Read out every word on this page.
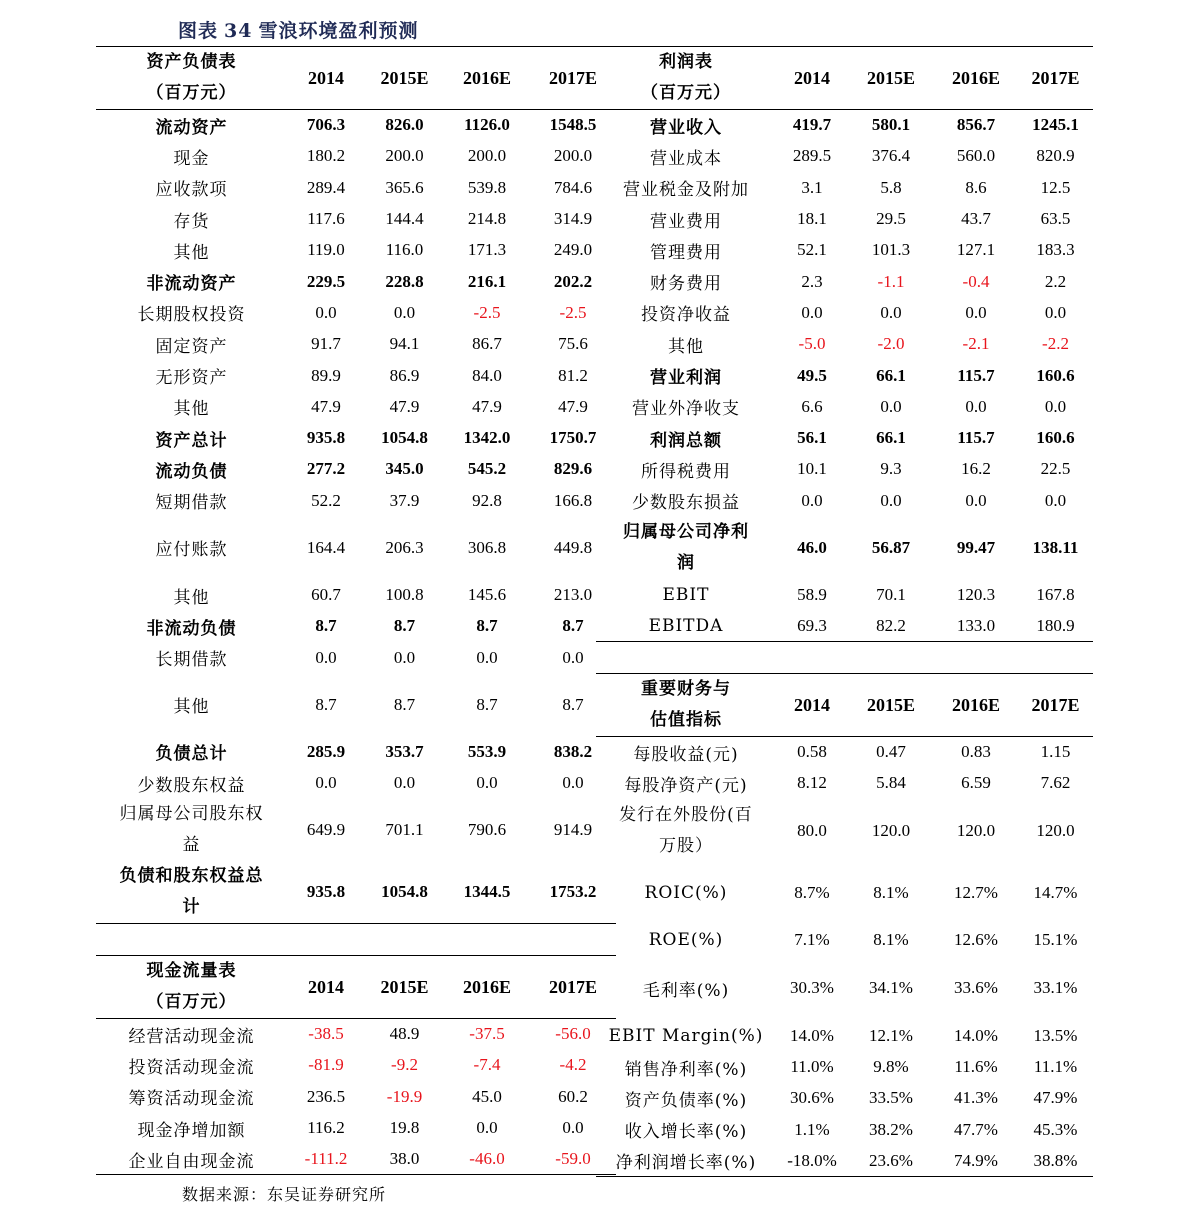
图表 34 雪浪环境盈利预测
资产负债表
（百万元）	2014	2015E	2016E	2017E
流动资产	706.3	826.0	1126.0	1548.5
现金	180.2	200.0	200.0	200.0
应收款项	289.4	365.6	539.8	784.6
存货	117.6	144.4	214.8	314.9
其他	119.0	116.0	171.3	249.0
非流动资产	229.5	228.8	216.1	202.2
长期股权投资	0.0	0.0	-2.5	-2.5
固定资产	91.7	94.1	86.7	75.6
无形资产	89.9	86.9	84.0	81.2
其他	47.9	47.9	47.9	47.9
资产总计	935.8	1054.8	1342.0	1750.7
流动负债	277.2	345.0	545.2	829.6
短期借款	52.2	37.9	92.8	166.8
应付账款	164.4	206.3	306.8	449.8
其他	60.7	100.8	145.6	213.0
非流动负债	8.7	8.7	8.7	8.7
长期借款	0.0	0.0	0.0	0.0
其他	8.7	8.7	8.7	8.7
负债总计	285.9	353.7	553.9	838.2
少数股东权益	0.0	0.0	0.0	0.0

归属母公司股东权益	649.9	701.1	790.6	914.9

负债和股东权益总计	935.8	1054.8	1344.5	1753.2
现金流量表
（百万元）	2014	2015E	2016E	2017E
经营活动现金流	-38.5	48.9	-37.5	-56.0
投资活动现金流	-81.9	-9.2	-7.4	-4.2
筹资活动现金流	236.5	-19.9	45.0	60.2
现金净增加额	116.2	19.8	0.0	0.0
企业自由现金流	-111.2	38.0	-46.0	-59.0
利润表
（百万元）	2014	2015E	2016E	2017E
营业收入	419.7	580.1	856.7	1245.1
营业成本	289.5	376.4	560.0	820.9
营业税金及附加	3.1	5.8	8.6	12.5
营业费用	18.1	29.5	43.7	63.5
管理费用	52.1	101.3	127.1	183.3
财务费用	2.3	-1.1	-0.4	2.2
投资净收益	0.0	0.0	0.0	0.0
其他	-5.0	-2.0	-2.1	-2.2
营业利润	49.5	66.1	115.7	160.6
营业外净收支	6.6	0.0	0.0	0.0
利润总额	56.1	66.1	115.7	160.6
所得税费用	10.1	9.3	16.2	22.5
少数股东损益	0.0	0.0	0.0	0.0

归属母公司净利润	46.0	56.87	99.47	138.11
EBIT	58.9	70.1	120.3	167.8
EBITDA	69.3	82.2	133.0	180.9
重要财务与
估值指标	2014	2015E	2016E	2017E
每股收益(元)	0.58	0.47	0.83	1.15
每股净资产(元)	8.12	5.84	6.59	7.62

发行在外股份(百万股）	80.0	120.0	120.0	120.0

ROIC(%)	8.7%	8.1%	12.7%	14.7%
ROE(%)	7.1%	8.1%	12.6%	15.1%
毛利率(%)	30.3%	34.1%	33.6%	33.1%
EBIT Margin(%)	14.0%	12.1%	14.0%	13.5%
销售净利率(%)	11.0%	9.8%	11.6%	11.1%
资产负债率(%)	30.6%	33.5%	41.3%	47.9%
收入增长率(%)	1.1%	38.2%	47.7%	45.3%
净利润增长率(%)	-18.0%	23.6%	74.9%	38.8%
数据来源：东吴证券研究所
